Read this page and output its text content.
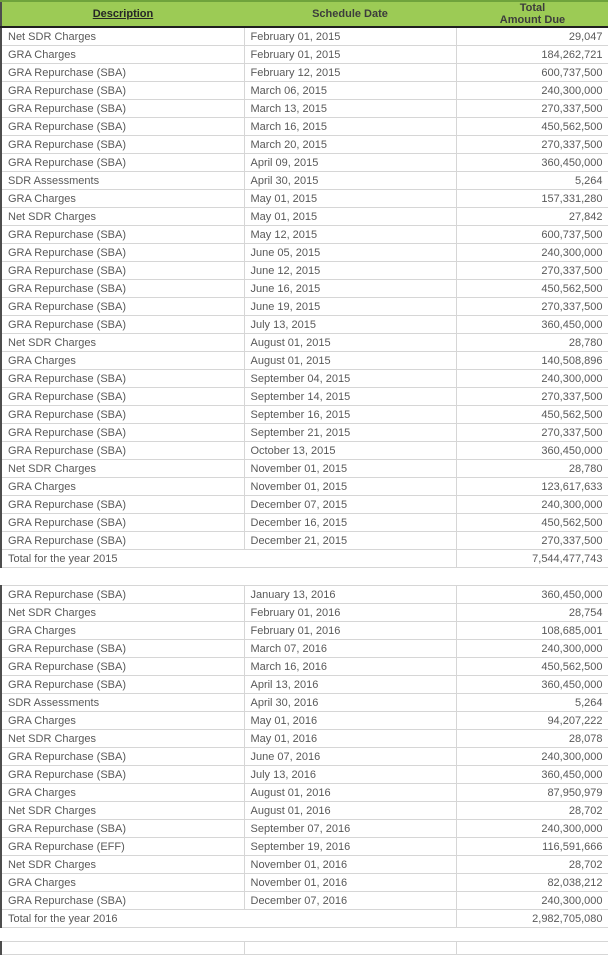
Description	Schedule Date	Total
Amount Due

Net SDR Charges	February 01, 2015	29,047
GRA Charges	February 01, 2015	184,262,721
GRA Repurchase (SBA)	February 12, 2015	600,737,500
GRA Repurchase (SBA)	March 06, 2015	240,300,000
GRA Repurchase (SBA)	March 13, 2015	270,337,500
GRA Repurchase (SBA)	March 16, 2015	450,562,500
GRA Repurchase (SBA)	March 20, 2015	270,337,500
GRA Repurchase (SBA)	April 09, 2015	360,450,000
SDR Assessments	April 30, 2015	5,264
GRA Charges	May 01, 2015	157,331,280
Net SDR Charges	May 01, 2015	27,842
GRA Repurchase (SBA)	May 12, 2015	600,737,500
GRA Repurchase (SBA)	June 05, 2015	240,300,000
GRA Repurchase (SBA)	June 12, 2015	270,337,500
GRA Repurchase (SBA)	June 16, 2015	450,562,500
GRA Repurchase (SBA)	June 19, 2015	270,337,500
GRA Repurchase (SBA)	July 13, 2015	360,450,000
Net SDR Charges	August 01, 2015	28,780
GRA Charges	August 01, 2015	140,508,896
GRA Repurchase (SBA)	September 04, 2015	240,300,000
GRA Repurchase (SBA)	September 14, 2015	270,337,500
GRA Repurchase (SBA)	September 16, 2015	450,562,500
GRA Repurchase (SBA)	September 21, 2015	270,337,500
GRA Repurchase (SBA)	October 13, 2015	360,450,000
Net SDR Charges	November 01, 2015	28,780
GRA Charges	November 01, 2015	123,617,633
GRA Repurchase (SBA)	December 07, 2015	240,300,000
GRA Repurchase (SBA)	December 16, 2015	450,562,500
GRA Repurchase (SBA)	December 21, 2015	270,337,500
Total for the year 2015		7,544,477,743
GRA Repurchase (SBA)	January 13, 2016	360,450,000
Net SDR Charges	February 01, 2016	28,754
GRA Charges	February 01, 2016	108,685,001
GRA Repurchase (SBA)	March 07, 2016	240,300,000
GRA Repurchase (SBA)	March 16, 2016	450,562,500
GRA Repurchase (SBA)	April 13, 2016	360,450,000
SDR Assessments	April 30, 2016	5,264
GRA Charges	May 01, 2016	94,207,222
Net SDR Charges	May 01, 2016	28,078
GRA Repurchase (SBA)	June 07, 2016	240,300,000
GRA Repurchase (SBA)	July 13, 2016	360,450,000
GRA Charges	August 01, 2016	87,950,979
Net SDR Charges	August 01, 2016	28,702
GRA Repurchase (SBA)	September 07, 2016	240,300,000
GRA Repurchase (EFF)	September 19, 2016	116,591,666
Net SDR Charges	November 01, 2016	28,702
GRA Charges	November 01, 2016	82,038,212
GRA Repurchase (SBA)	December 07, 2016	240,300,000
Total for the year 2016		2,982,705,080
